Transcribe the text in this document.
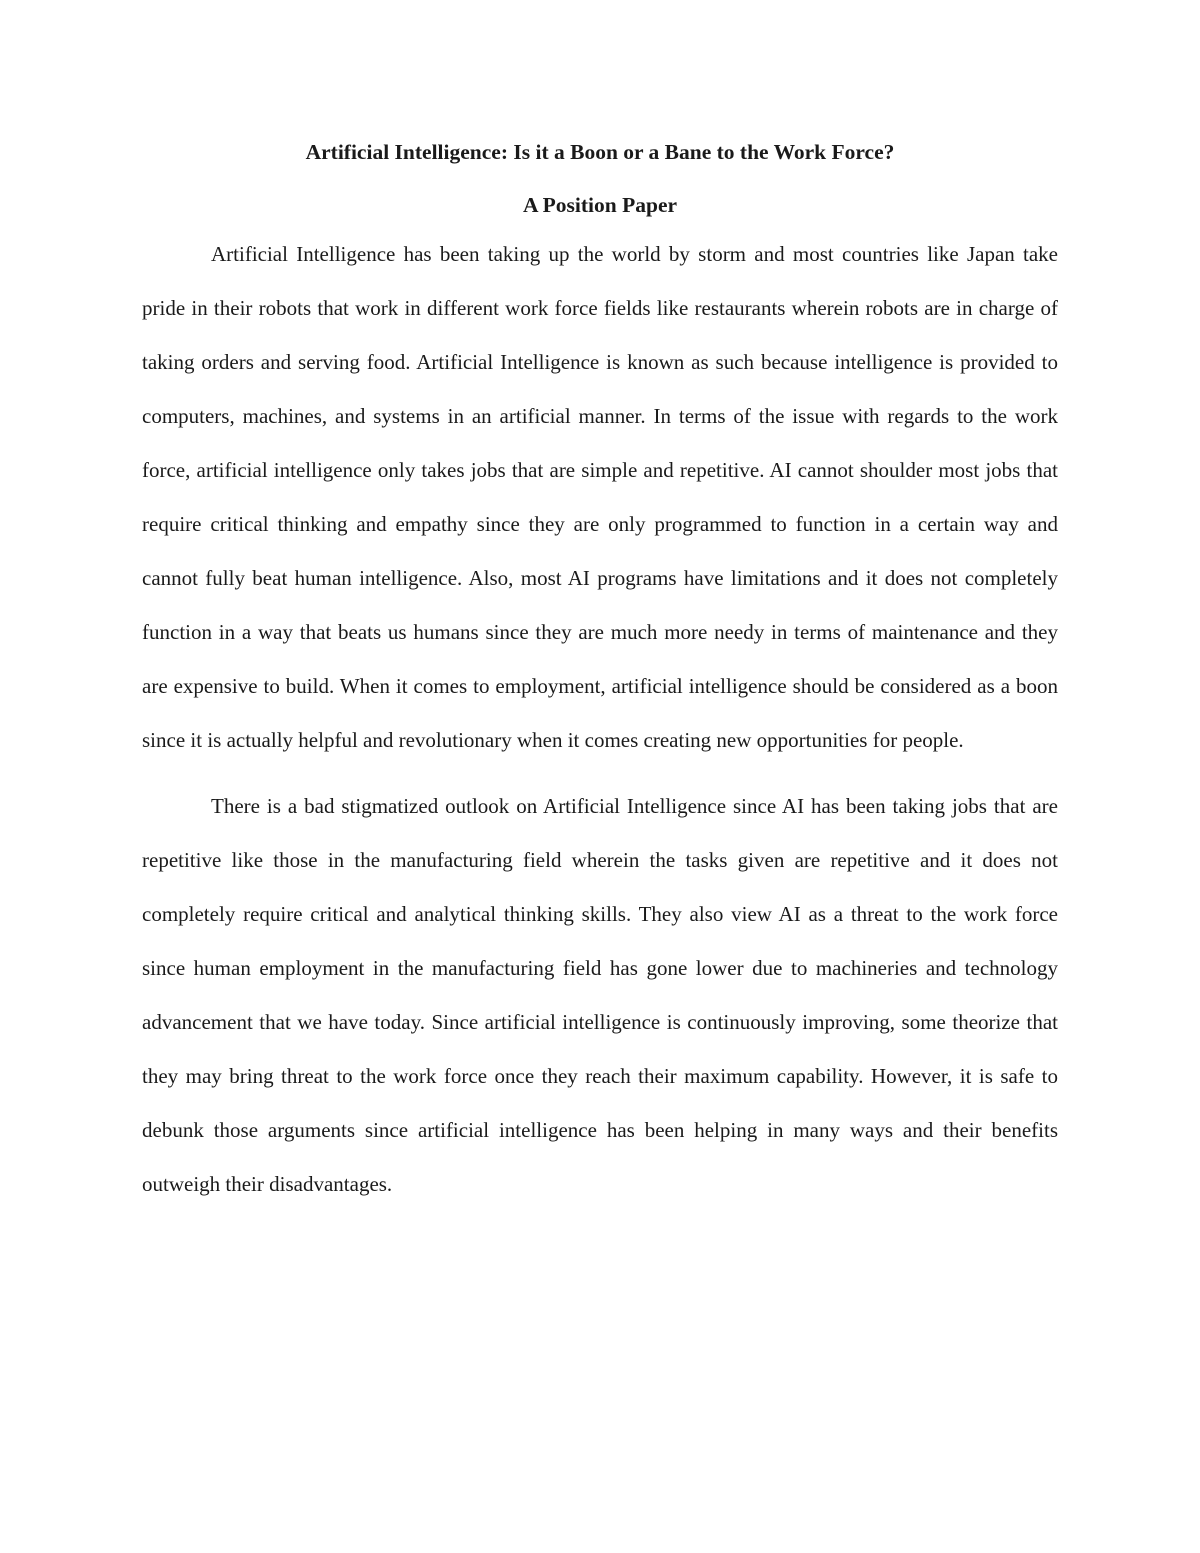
Artificial Intelligence: Is it a Boon or a Bane to the Work Force?
A Position Paper

Artificial Intelligence has been taking up the world by storm and most countries like Japan take pride in their robots that work in different work force fields like restaurants wherein robots are in charge of taking orders and serving food. Artificial Intelligence is known as such because intelligence is provided to computers, machines, and systems in an artificial manner. In terms of the issue with regards to the work force, artificial intelligence only takes jobs that are simple and repetitive. AI cannot shoulder most jobs that require critical thinking and empathy since they are only programmed to function in a certain way and cannot fully beat human intelligence. Also, most AI programs have limitations and it does not completely function in a way that beats us humans since they are much more needy in terms of maintenance and they are expensive to build. When it comes to employment, artificial intelligence should be considered as a boon since it is actually helpful and revolutionary when it comes creating new opportunities for people.

There is a bad stigmatized outlook on Artificial Intelligence since AI has been taking jobs that are repetitive like those in the manufacturing field wherein the tasks given are repetitive and it does not completely require critical and analytical thinking skills. They also view AI as a threat to the work force since human employment in the manufacturing field has gone lower due to machineries and technology advancement that we have today. Since artificial intelligence is continuously improving, some theorize that they may bring threat to the work force once they reach their maximum capability. However, it is safe to debunk those arguments since artificial intelligence has been helping in many ways and their benefits outweigh their disadvantages.
